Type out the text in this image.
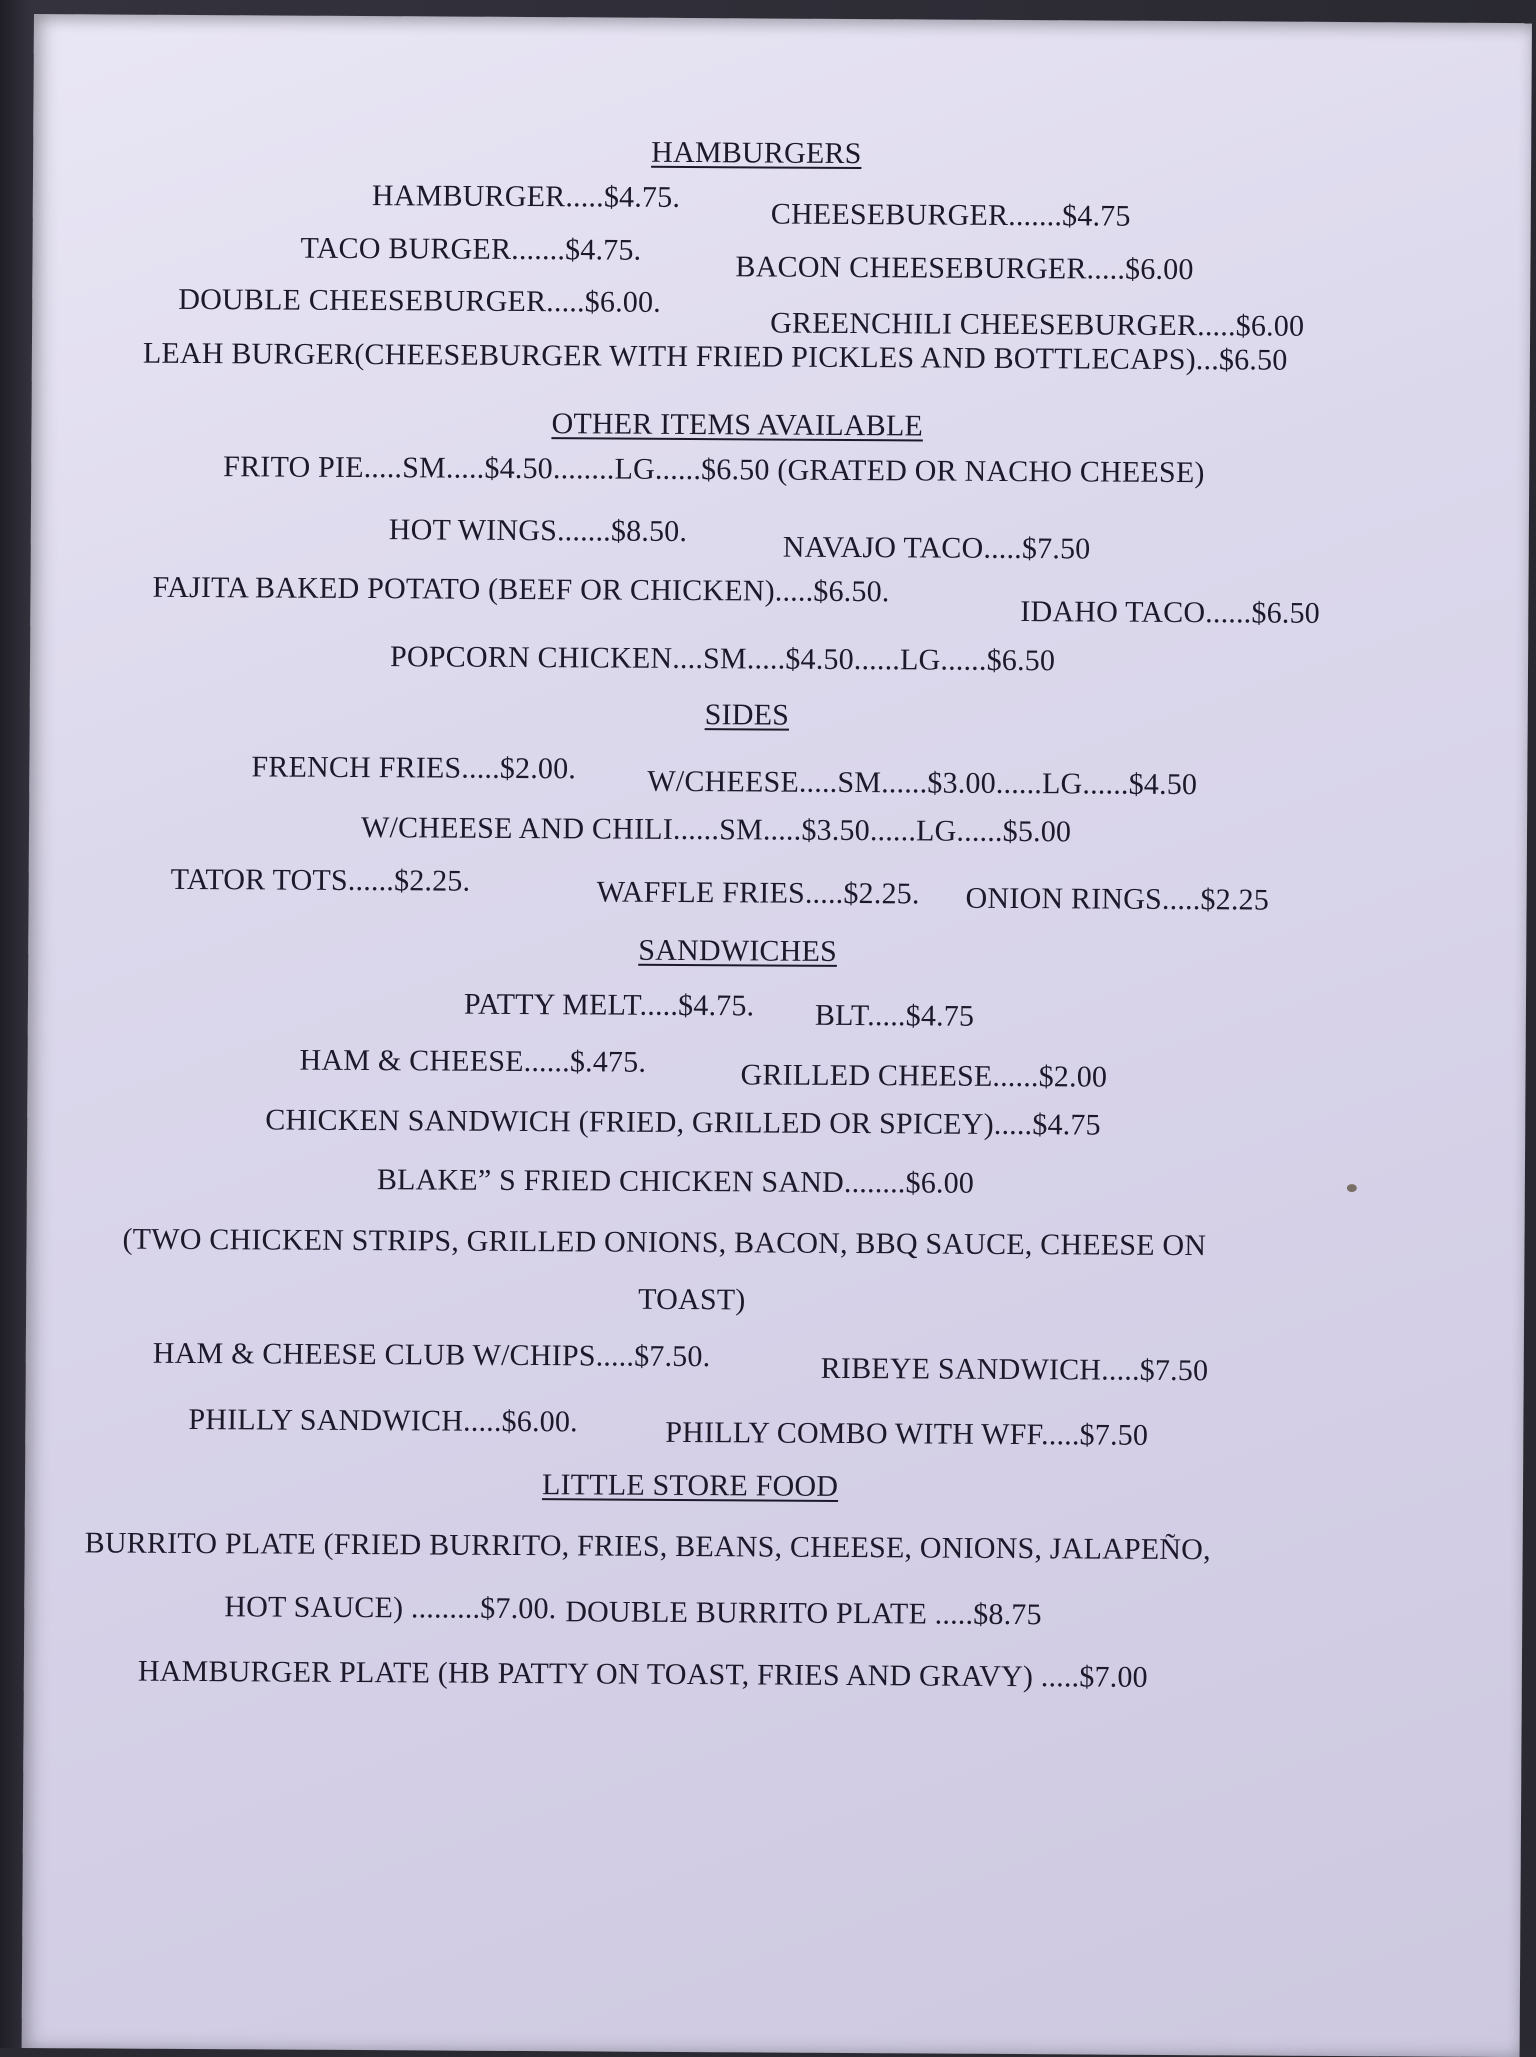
HAMBURGERS
HAMBURGER.....$4.75.
CHEESEBURGER.......$4.75
TACO BURGER.......$4.75.
BACON CHEESEBURGER.....$6.00
DOUBLE CHEESEBURGER.....$6.00.
GREENCHILI CHEESEBURGER.....$6.00
LEAH BURGER(CHEESEBURGER WITH FRIED PICKLES AND BOTTLECAPS)...$6.50
OTHER ITEMS AVAILABLE
FRITO PIE.....SM.....$4.50........LG......$6.50 (GRATED OR NACHO CHEESE)
HOT WINGS.......$8.50.	NAVAJO TACO.....$7.50
FAJITA BAKED POTATO (BEEF OR CHICKEN).....$6.50.
IDAHO TACO......$6.50
POPCORN CHICKEN....SM.....$4.50......LG......$6.50
SIDES
FRENCH FRIES.....$2.00. W/CHEESE.....SM......$3.00......LG......$4.50
W/CHEESE AND CHILI......SM.....$3.50......LG......$5.00
TATOR TOTS......$2.25.	WAFFLE FRIES.....$2.25. ONION RINGS.....$2.25
SANDWICHES
PATTY MELT.....$4.75. BLT.....$4.75
HAM & CHEESE......$.475.	GRILLED CHEESE......$2.00
CHICKEN SANDWICH (FRIED, GRILLED OR SPICEY).....$4.75
BLAKE” S FRIED CHICKEN SAND........$6.00
(TWO CHICKEN STRIPS, GRILLED ONIONS, BACON, BBQ SAUCE, CHEESE ON
TOAST)
HAM & CHEESE CLUB W/CHIPS.....$7.50.	RIBEYE SANDWICH.....$7.50
PHILLY SANDWICH.....$6.00.	PHILLY COMBO WITH WFF.....$7.50
LITTLE STORE FOOD
BURRITO PLATE (FRIED BURRITO, FRIES, BEANS, CHEESE, ONIONS, JALAPEÑO,
HOT SAUCE) .........$7.00. DOUBLE BURRITO PLATE .....$8.75
HAMBURGER PLATE (HB PATTY ON TOAST, FRIES AND GRAVY) .....$7.00
